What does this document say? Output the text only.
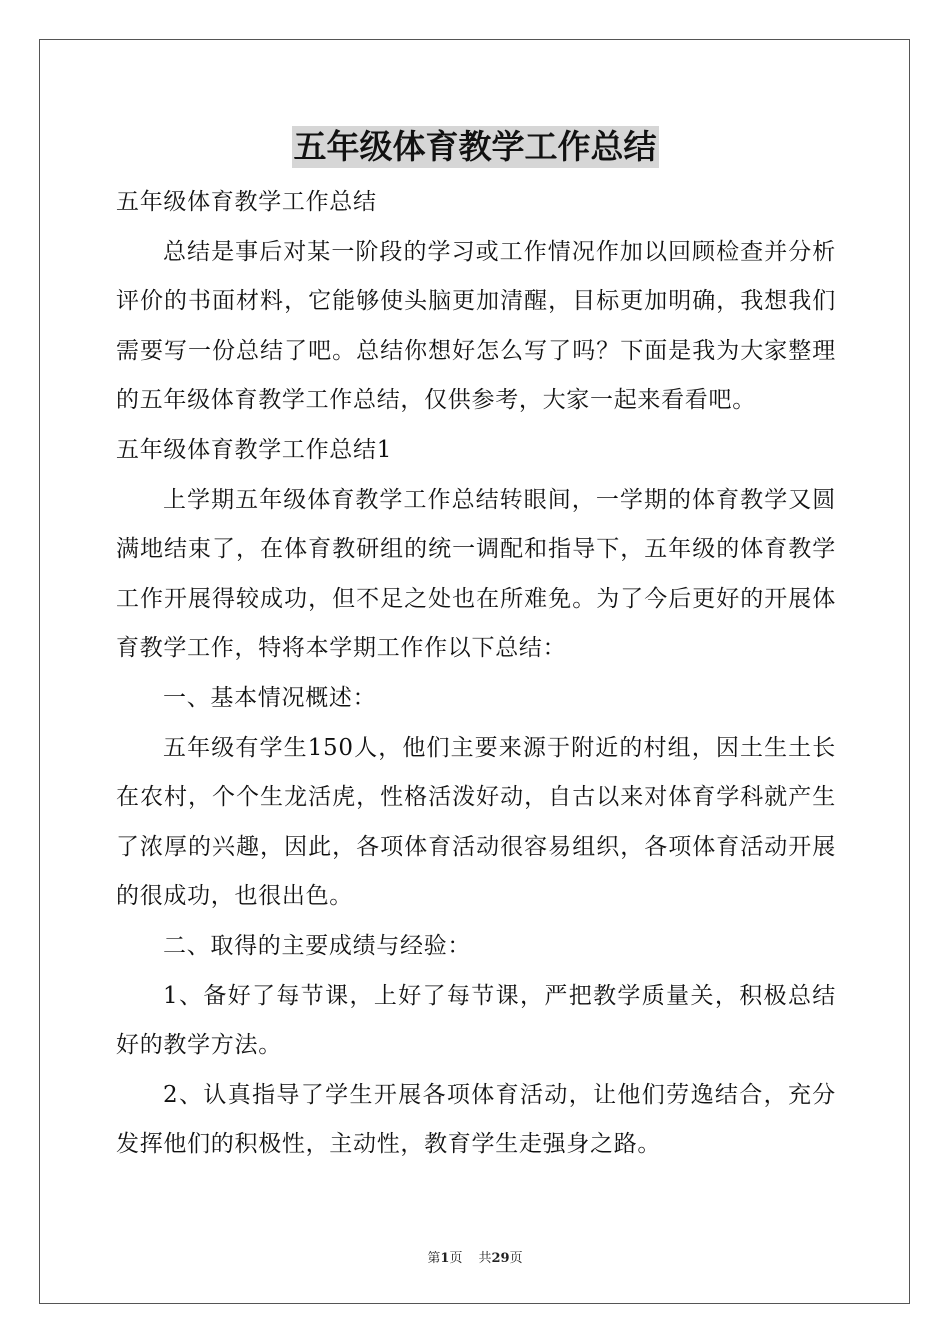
五年级体育教学工作总结
五年级体育教学工作总结
总结是事后对某一阶段的学习或工作情况作加以回顾检查并分析
评价的书面材料，它能够使头脑更加清醒，目标更加明确，我想我们
需要写一份总结了吧。总结你想好怎么写了吗？下面是我为大家整理
的五年级体育教学工作总结，仅供参考，大家一起来看看吧。
五年级体育教学工作总结1
上学期五年级体育教学工作总结转眼间，一学期的体育教学又圆
满地结束了，在体育教研组的统一调配和指导下，五年级的体育教学
工作开展得较成功，但不足之处也在所难免。为了今后更好的开展体
育教学工作，特将本学期工作作以下总结：
一、基本情况概述：
五年级有学生150人，他们主要来源于附近的村组，因土生土长
在农村，个个生龙活虎，性格活泼好动，自古以来对体育学科就产生
了浓厚的兴趣，因此，各项体育活动很容易组织，各项体育活动开展
的很成功，也很出色。
二、取得的主要成绩与经验：
1、备好了每节课，上好了每节课，严把教学质量关，积极总结
好的教学方法。
2、认真指导了学生开展各项体育活动，让他们劳逸结合，充分
发挥他们的积极性，主动性，教育学生走强身之路。
第1页 共29页
